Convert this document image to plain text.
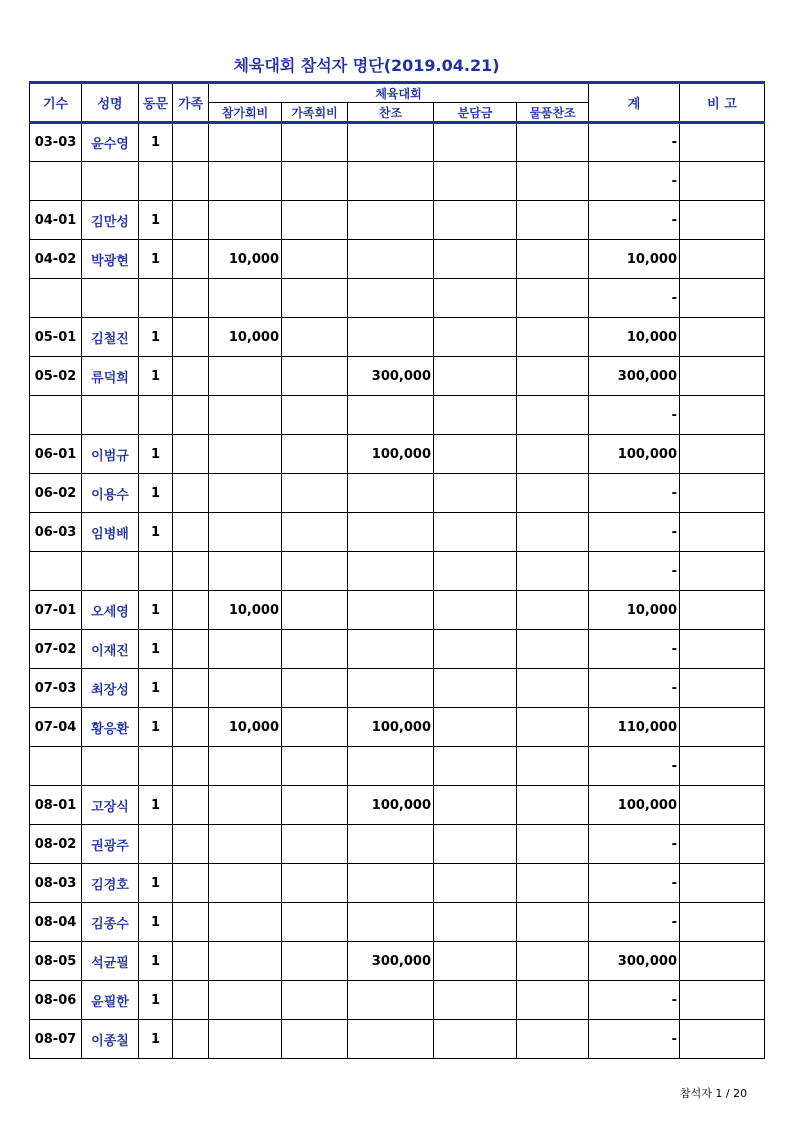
체육대회 참석자 명단(2019.04.21)
기수	성명	동문	가족	체육대회					계	비 고
				참가회비	가족회비	찬조	분담금	물품찬조		
03-03	윤수영	1							-	
									-	
04-01	김만성	1							-	
04-02	박광현	1		10,000					10,000	
									-	
05-01	김철진	1		10,000					10,000	
05-02	류덕희	1				300,000			300,000	
									-	
06-01	이범규	1				100,000			100,000	
06-02	이용수	1							-	
06-03	임병배	1							-	
									-	
07-01	오세영	1		10,000					10,000	
07-02	이재진	1							-	
07-03	최장성	1							-	
07-04	황응환	1		10,000		100,000			110,000	
									-	
08-01	고장식	1				100,000			100,000	
08-02	권광주								-	
08-03	김경호	1							-	
08-04	김종수	1							-	
08-05	석균필	1				300,000			300,000	
08-06	윤필한	1							-	
08-07	이종칠	1							-	
참석자 1 / 20
